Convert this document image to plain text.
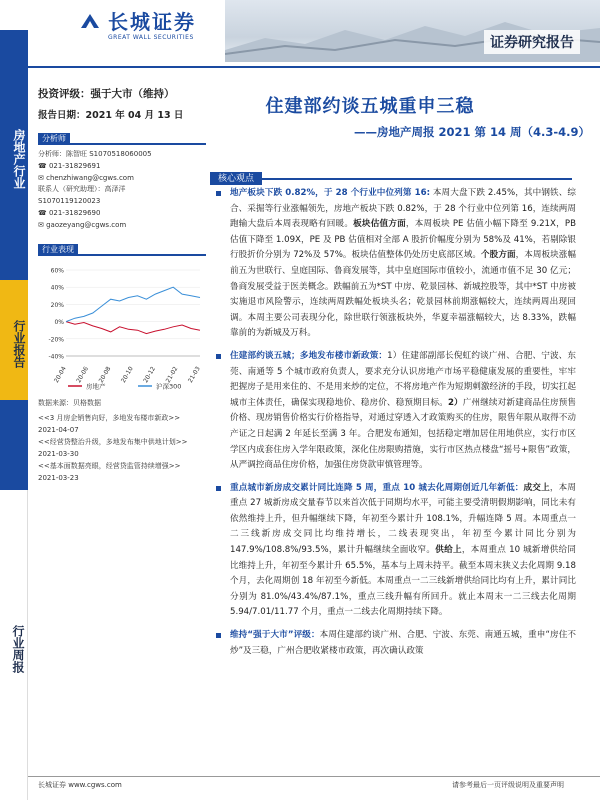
房地产行业
行业报告
行业周报
长城证券
GREAT WALL SECURITIES	证券研究报告
投资评级：强于大市（维持）
报告日期：2021 年 04 月 13 日
分析师
分析师：陈智旺 S1070518060005
☎ 021-31829691
✉ chenzhiwang@cgws.com
联系人（研究助理）：高泽洋
S1070119120023
☎ 021-31829690
✉ gaozeyang@cgws.com
行业表现
60%
40%
20%
0%
-20%
-40%
20-04 20-06 20-08 20-10 20-12 21-02 21-03
房地产	沪深300
数据来源：贝格数据
<<3 月房企销售向好，多地发布楼市新政>>
2021-04-07
<<经营贷整治升级，多地发布集中供地计划>>
2021-03-30
<<基本面数据亮眼，经营贷监管持续增强>>
2021-03-23
住建部约谈五城重申三稳
——房地产周报 2021 第 14 周（4.3-4.9）
核心观点
地产板块下跌 0.82%，于 28 个行业中位列第 16: 本周大盘下跌 2.45%，其中钢铁、综合、采掘等行业涨幅领先，房地产板块下跌 0.82%，于 28 个行业中位列第 16，连续两周跑输大盘后本周表现略有回暖。板块估值方面，本周板块 PE 估值小幅下降至 9.21X，PB 估值下降至 1.09X，PE 及 PB 估值相对全部 A 股折价幅度分别为 58%及 41%，若剔除银行股折价分别为 72%及 57%。板块估值整体仍处历史底部区域。个股方面，本周板块涨幅前五为世联行、皇庭国际、鲁商发展等，其中皇庭国际市值较小，流通市值不足 30 亿元；鲁商发展受益于医美概念。跌幅前五为*ST 中房、乾景园林、新城控股等，其中*ST 中房被实施退市风险警示，连续两周跌幅处板块头名；乾景园林前期涨幅较大，连续两周出现回调。本周主要公司表现分化，除世联行领涨板块外，华夏幸福涨幅较大，达 8.33%，跌幅靠前的为新城及万科。
住建部约谈五城；多地发布楼市新政策：1）住建部副部长倪虹约谈广州、合肥、宁波、东莞、南通等 5 个城市政府负责人，要求充分认识房地产市场平稳健康发展的重要性，牢牢把握房子是用来住的、不是用来炒的定位，不将房地产作为短期刺激经济的手段，切实扛起城市主体责任，确保实现稳地价、稳房价、稳预期目标。2）广州继续对新建商品住房预售价格、现房销售价格实行价格指导，对通过穿透入才政策购买的住房，限售年限从取得不动产证之日起满 2 年延长至满 3 年。合肥发布通知，包括稳定增加居住用地供应，实行市区学区内成套住房入学年限政策，深化住房限购措施，实行市区热点楼盘“摇号+限售”政策，从严调控商品住房价格，加强住房贷款审慎管理等。
重点城市新房成交累计同比连降 5 周，重点 10 城去化周期创近几年新低：成交上，本周重点 27 城新房成交量春节以来首次低于同期均水平，可能主要受清明假期影响，同比未有依然维持上升，但升幅继续下降，年初至今累计升 108.1%，升幅连降 5 周。本周重点一二三线新房成交同比均维持增长，二线表现突出，年初至今累计同比分别为 147.9%/108.8%/93.5%，累计升幅继续全面收窄。供给上，本周重点 10 城新增供给同比维持上升，年初至今累计升 65.5%，基本与上周未持平。截至本周末狭义去化周期 9.18 个月，去化周期创 18 年初至今新低。本周重点一二三线新增供给同比均有上升，累计同比分别为 81.0%/43.4%/87.1%，重点三线升幅有所回升。就止本周末一二三线去化周期 5.94/7.01/11.77 个月，重点一二线去化周期持续下降。
维持“强于大市”评级：本周住建部约谈广州、合肥、宁波、东莞、南通五城，重申“房住不炒”及三稳，广州合肥收紧楼市政策，再次确认政策
长城证券 www.cgws.com	请参考最后一页评级说明及重要声明
